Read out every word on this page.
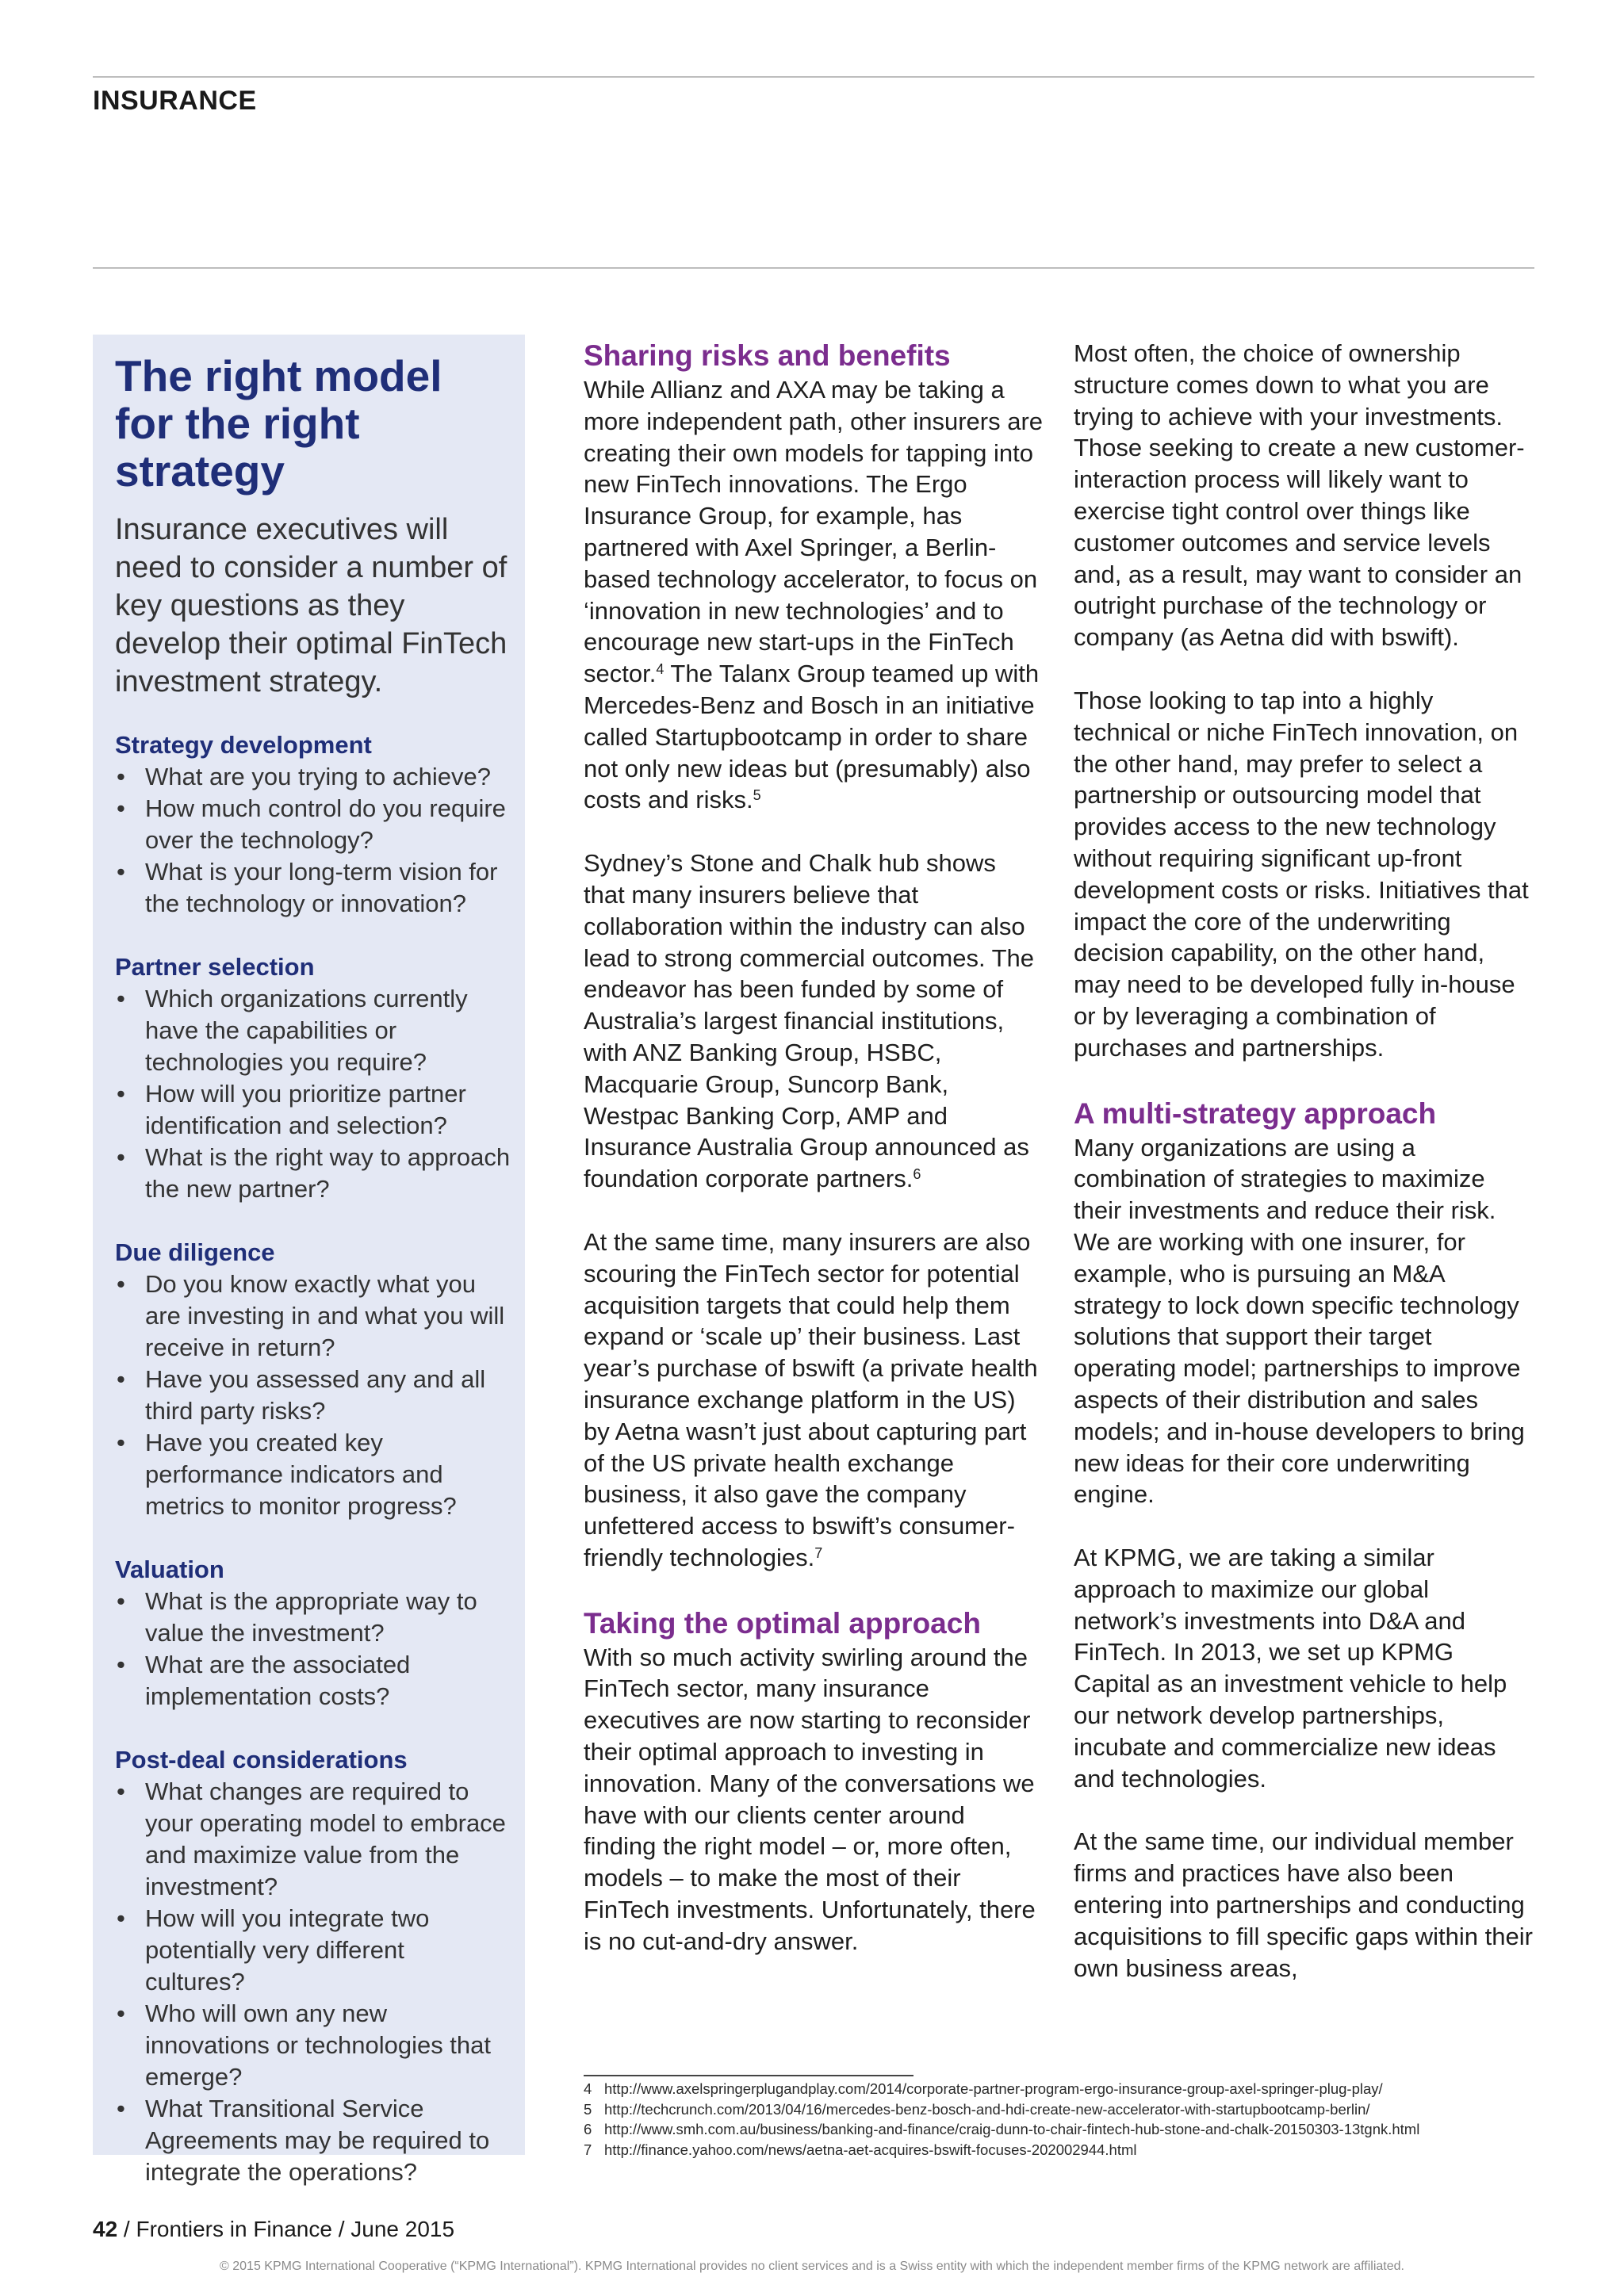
INSURANCE
The right model for the right strategy

Insurance executives will need to consider a number of key questions as they develop their optimal FinTech investment strategy.

Strategy development
• What are you trying to achieve?
• How much control do you require over the technology?
• What is your long-term vision for the technology or innovation?
Partner selection
• Which organizations currently have the capabilities or technologies you require?
• How will you prioritize partner identification and selection?
• What is the right way to approach the new partner?
Due diligence
• Do you know exactly what you are investing in and what you will receive in return?
• Have you assessed any and all third party risks?
• Have you created key performance indicators and metrics to monitor progress?
Valuation
• What is the appropriate way to value the investment?
• What are the associated implementation costs?
Post-deal considerations
• What changes are required to your operating model to embrace and maximize value from the investment?
• How will you integrate two potentially very different cultures?
• Who will own any new innovations or technologies that emerge?
• What Transitional Service Agreements may be required to integrate the operations?
Sharing risks and benefits

While Allianz and AXA may be taking a more independent path, other insurers are creating their own models for tapping into new FinTech innovations. The Ergo Insurance Group, for example, has partnered with Axel Springer, a Berlin-based technology accelerator, to focus on ‘innovation in new technologies’ and to encourage new start-ups in the FinTech sector.$^4$ The Talanx Group teamed up with Mercedes-Benz and Bosch in an initiative called Startupbootcamp in order to share not only new ideas but (presumably) also costs and risks.$^5$

Sydney’s Stone and Chalk hub shows that many insurers believe that collaboration within the industry can also lead to strong commercial outcomes. The endeavor has been funded by some of Australia’s largest financial institutions, with ANZ Banking Group, HSBC, Macquarie Group, Suncorp Bank, Westpac Banking Corp, AMP and Insurance Australia Group announced as foundation corporate partners.$^6$

At the same time, many insurers are also scouring the FinTech sector for potential acquisition targets that could help them expand or ‘scale up’ their business. Last year’s purchase of bswift (a private health insurance exchange platform in the US) by Aetna wasn’t just about capturing part of the US private health exchange business, it also gave the company unfettered access to bswift’s consumer-friendly technologies.$^7$

Taking the optimal approach

With so much activity swirling around the FinTech sector, many insurance executives are now starting to reconsider their optimal approach to investing in innovation. Many of the conversations we have with our clients center around finding the right model – or, more often, models – to make the most of their FinTech investments. Unfortunately, there is no cut-and-dry answer.

Most often, the choice of ownership structure comes down to what you are trying to achieve with your investments. Those seeking to create a new customer-interaction process will likely want to exercise tight control over things like customer outcomes and service levels and, as a result, may want to consider an outright purchase of the technology or company (as Aetna did with bswift).

Those looking to tap into a highly technical or niche FinTech innovation, on the other hand, may prefer to select a partnership or outsourcing model that provides access to the new technology without requiring significant up-front development costs or risks. Initiatives that impact the core of the underwriting decision capability, on the other hand, may need to be developed fully in-house or by leveraging a combination of purchases and partnerships.

A multi-strategy approach

Many organizations are using a combination of strategies to maximize their investments and reduce their risk. We are working with one insurer, for example, who is pursuing an M&A strategy to lock down specific technology solutions that support their target operating model; partnerships to improve aspects of their distribution and sales models; and in-house developers to bring new ideas for their core underwriting engine.

At KPMG, we are taking a similar approach to maximize our global network’s investments into D&A and FinTech. In 2013, we set up KPMG Capital as an investment vehicle to help our network develop partnerships, incubate and commercialize new ideas and technologies.

At the same time, our individual member firms and practices have also been entering into partnerships and conducting acquisitions to fill specific gaps within their own business areas,

4 http://www.axelspringerplugandplay.com/2014/corporate-partner-program-ergo-insurance-group-axel-springer-plug-play/
5 http://techcrunch.com/2013/04/16/mercedes-benz-bosch-and-hdi-create-new-accelerator-with-startupbootcamp-berlin/
6 http://www.smh.com.au/business/banking-and-finance/craig-dunn-to-chair-fintech-hub-stone-and-chalk-20150303-13tgnk.html
7 http://finance.yahoo.com/news/aetna-aet-acquires-bswift-focuses-202002944.html
42 / Frontiers in Finance / June 2015
© 2015 KPMG International Cooperative (“KPMG International”). KPMG International provides no client services and is a Swiss entity with which the independent member firms of the KPMG network are affiliated.
